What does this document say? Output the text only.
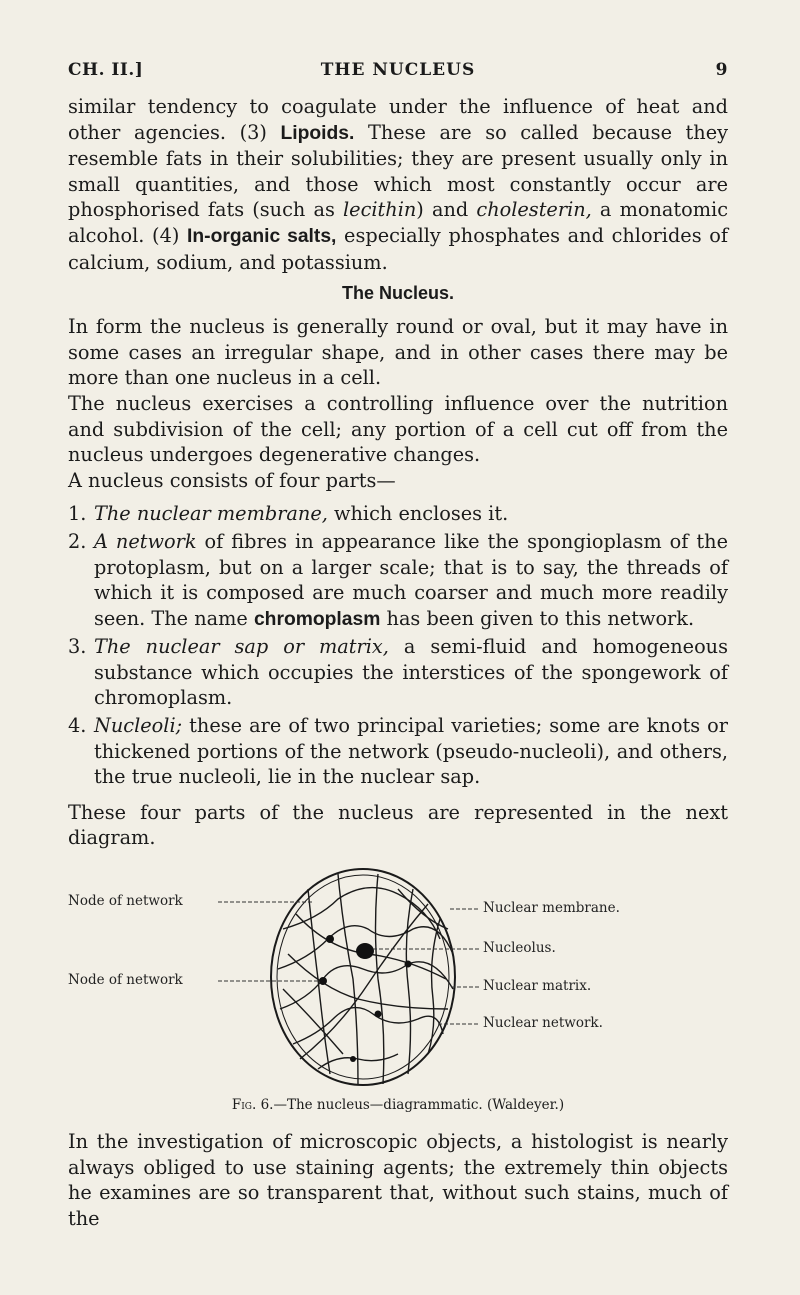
CH. II.]	THE NUCLEUS	9

similar tendency to coagulate under the influence of heat and other agencies. (3) Lipoids. These are so called because they resemble fats in their solubilities; they are present usually only in small quantities, and those which most constantly occur are phosphorised fats (such as lecithin) and cholesterin, a monatomic alcohol. (4) In-organic salts, especially phosphates and chlorides of calcium, sodium, and potassium.

The Nucleus.

In form the nucleus is generally round or oval, but it may have in some cases an irregular shape, and in other cases there may be more than one nucleus in a cell.

The nucleus exercises a controlling influence over the nutrition and subdivision of the cell; any portion of a cell cut off from the nucleus undergoes degenerative changes.

A nucleus consists of four parts—

1. The nuclear membrane, which encloses it.
2. A network of fibres in appearance like the spongioplasm of the protoplasm, but on a larger scale; that is to say, the threads of which it is composed are much coarser and much more readily seen. The name chromoplasm has been given to this network.
3. The nuclear sap or matrix, a semi-fluid and homogeneous substance which occupies the interstices of the spongework of chromoplasm.
4. Nucleoli; these are of two principal varieties; some are knots or thickened portions of the network (pseudo-nucleoli), and others, the true nucleoli, lie in the nuclear sap.

These four parts of the nucleus are represented in the next diagram.

Node of network
Node of network
Nuclear membrane.
Nucleolus.
Nuclear matrix.
Nuclear network.
Fig. 6.—The nucleus—diagrammatic. (Waldeyer.)

In the investigation of microscopic objects, a histologist is nearly always obliged to use staining agents; the extremely thin objects he examines are so transparent that, without such stains, much of the
